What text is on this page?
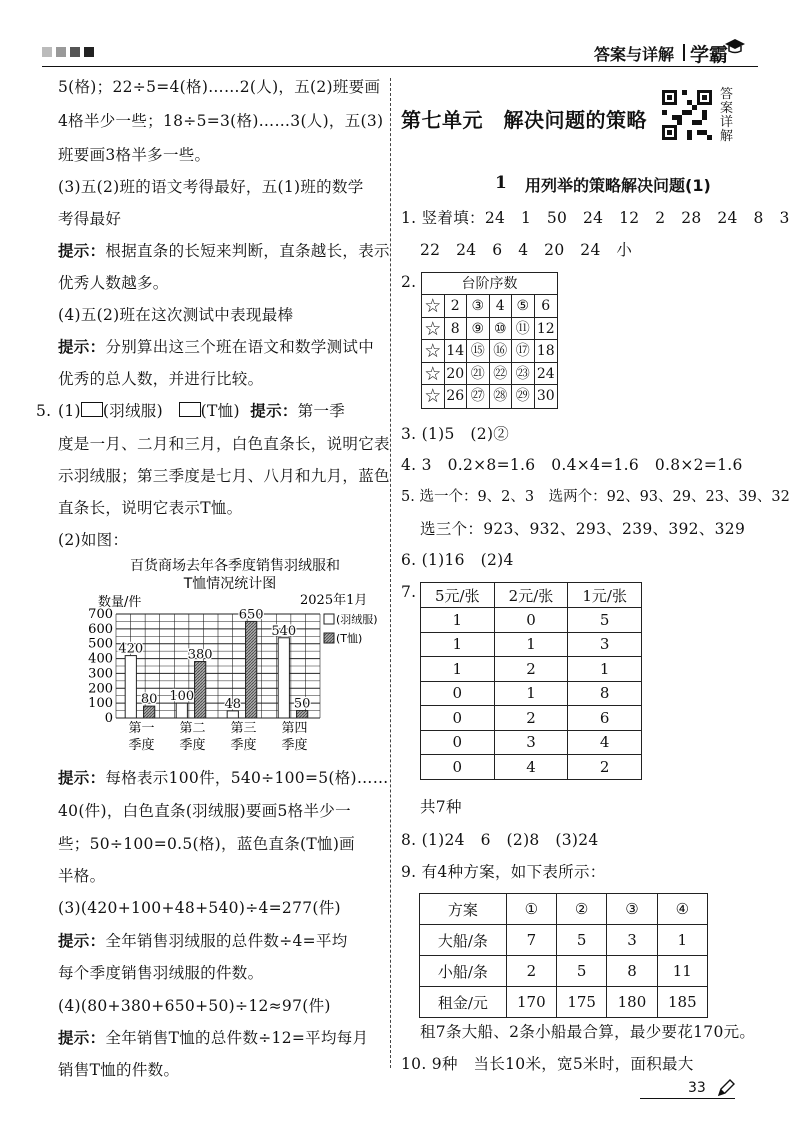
答案与详解 学霸
5(格)；22÷5=4(格)……2(人)，五(2)班要画
4格半少一些；18÷5=3(格)……3(人)，五(3)
班要画3格半多一些。
(3)五(2)班的语文考得最好，五(1)班的数学
考得最好
提示：根据直条的长短来判断，直条越长，表示
优秀人数越多。
(4)五(2)班在这次测试中表现最棒
提示：分别算出这三个班在语文和数学测试中
优秀的总人数，并进行比较。
5. (1) (羽绒服) (T恤) 提示：第一季
度是一月、二月和三月，白色直条长，说明它表
示羽绒服；第三季度是七月、八月和九月，蓝色
直条长，说明它表示T恤。
(2)如图：
百货商场去年各季度销售羽绒服和
T恤情况统计图
数量/件	2025年1月
700
600
500
400
300
200
100
0
420
80 100
380
48
650
540
50
第一
季度
第二
季度
第三
季度
第四
季度
(羽绒服)
(T恤)
提示：每格表示100件，540÷100=5(格)……
40(件)，白色直条(羽绒服)要画5格半少一
些；50÷100=0.5(格)，蓝色直条(T恤)画
半格。
(3)(420+100+48+540)÷4=277(件)
提示：全年销售羽绒服的总件数÷4=平均
每个季度销售羽绒服的件数。
(4)(80+380+650+50)÷12≈97(件)
提示：全年销售T恤的总件数÷12=平均每月
销售T恤的件数。
第七单元　解决问题的策略
答案详解
1 用列举的策略解决问题(1)
1. 竖着填：24　1　50　24　12　2　28　24　8　3
22　24　6　4　20　24　小
2.	台阶序数
☆ 2 ③ 4 ⑤ 6
☆ 8 ⑨ ⑩ ⑪ 12
☆ 14 ⑮ ⑯ ⑰ 18
☆ 20 ㉑ ㉒ ㉓ 24
☆ 26 ㉗ ㉘ ㉙ 30
3. (1)5　(2)②
4. 3　0.2×8=1.6　0.4×4=1.6　0.8×2=1.6
5. 选一个：9、2、3　选两个：92、93、29、23、39、32
选三个：923、932、293、239、392、329
6. (1)16　(2)4
7. 5元/张	2元/张	1元/张
1	0	5
1	1	3
1	2	1
0	1	8
0	2	6
0	3	4
0	4	2
共7种
8. (1)24　6　(2)8　(3)24
9. 有4种方案，如下表所示：
方案	①	②	③	④
大船/条	7	5	3	1
小船/条	2	5	8	11
租金/元	170	175	180	185
租7条大船、2条小船最合算，最少要花170元。
10. 9种　当长10米，宽5米时，面积最大
33
